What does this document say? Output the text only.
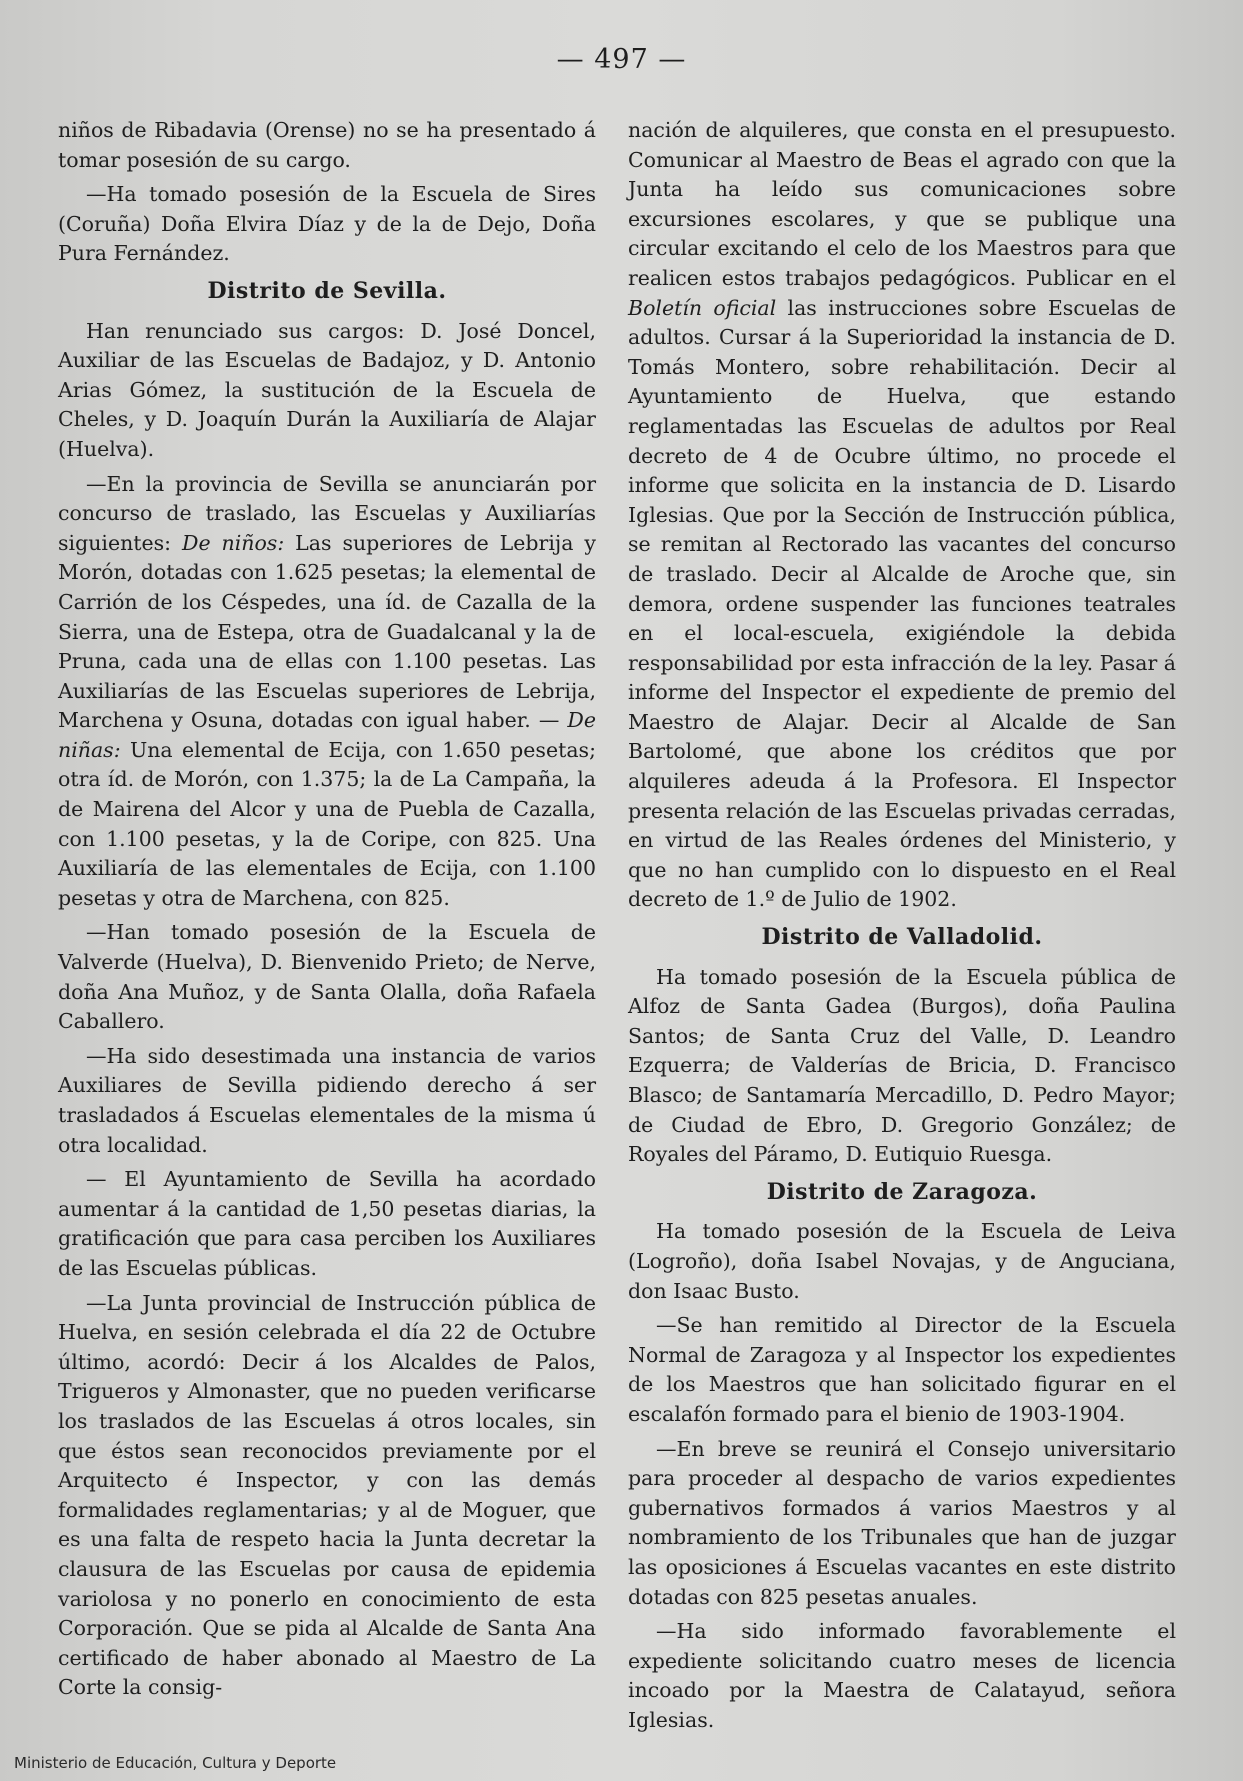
— 497 —

niños de Ribadavia (Orense) no se ha presentado á tomar posesión de su cargo.

—Ha tomado posesión de la Escuela de Sires (Coruña) Doña Elvira Díaz y de la de Dejo, Doña Pura Fernández.

Distrito de Sevilla.

Han renunciado sus cargos: D. José Doncel, Auxiliar de las Escuelas de Badajoz, y D. Antonio Arias Gómez, la sustitución de la Escuela de Cheles, y D. Joaquín Durán la Auxiliaría de Alajar (Huelva).

—En la provincia de Sevilla se anunciarán por concurso de traslado, las Escuelas y Auxiliarías siguientes: De niños: Las superiores de Lebrija y Morón, dotadas con 1.625 pesetas; la elemental de Carrión de los Céspedes, una íd. de Cazalla de la Sierra, una de Estepa, otra de Guadalcanal y la de Pruna, cada una de ellas con 1.100 pesetas. Las Auxiliarías de las Escuelas superiores de Lebrija, Marchena y Osuna, dotadas con igual haber. — De niñas: Una elemental de Ecija, con 1.650 pesetas; otra íd. de Morón, con 1.375; la de La Campaña, la de Mairena del Alcor y una de Puebla de Cazalla, con 1.100 pesetas, y la de Coripe, con 825. Una Auxiliaría de las elementales de Ecija, con 1.100 pesetas y otra de Marchena, con 825.

—Han tomado posesión de la Escuela de Valverde (Huelva), D. Bienvenido Prieto; de Nerve, doña Ana Muñoz, y de Santa Olalla, doña Rafaela Caballero.

—Ha sido desestimada una instancia de varios Auxiliares de Sevilla pidiendo derecho á ser trasladados á Escuelas elementales de la misma ú otra localidad.

— El Ayuntamiento de Sevilla ha acordado aumentar á la cantidad de 1,50 pesetas diarias, la gratificación que para casa perciben los Auxiliares de las Escuelas públicas.

—La Junta provincial de Instrucción pública de Huelva, en sesión celebrada el día 22 de Octubre último, acordó: Decir á los Alcaldes de Palos, Trigueros y Almonaster, que no pueden verificarse los traslados de las Escuelas á otros locales, sin que éstos sean reconocidos previamente por el Arquitecto é Inspector, y con las demás formalidades reglamentarias; y al de Moguer, que es una falta de respeto hacia la Junta decretar la clausura de las Escuelas por causa de epidemia variolosa y no ponerlo en conocimiento de esta Corporación. Que se pida al Alcalde de Santa Ana certificado de haber abonado al Maestro de La Corte la consig-

nación de alquileres, que consta en el presupuesto. Comunicar al Maestro de Beas el agrado con que la Junta ha leído sus comunicaciones sobre excursiones escolares, y que se publique una circular excitando el celo de los Maestros para que realicen estos trabajos pedagógicos. Publicar en el Boletín oficial las instrucciones sobre Escuelas de adultos. Cursar á la Superioridad la instancia de D. Tomás Montero, sobre rehabilitación. Decir al Ayuntamiento de Huelva, que estando reglamentadas las Escuelas de adultos por Real decreto de 4 de Ocubre último, no procede el informe que solicita en la instancia de D. Lisardo Iglesias. Que por la Sección de Instrucción pública, se remitan al Rectorado las vacantes del concurso de traslado. Decir al Alcalde de Aroche que, sin demora, ordene suspender las funciones teatrales en el local-escuela, exigiéndole la debida responsabilidad por esta infracción de la ley. Pasar á informe del Inspector el expediente de premio del Maestro de Alajar. Decir al Alcalde de San Bartolomé, que abone los créditos que por alquileres adeuda á la Profesora. El Inspector presenta relación de las Escuelas privadas cerradas, en virtud de las Reales órdenes del Ministerio, y que no han cumplido con lo dispuesto en el Real decreto de 1.º de Julio de 1902.

Distrito de Valladolid.

Ha tomado posesión de la Escuela pública de Alfoz de Santa Gadea (Burgos), doña Paulina Santos; de Santa Cruz del Valle, D. Leandro Ezquerra; de Valderías de Bricia, D. Francisco Blasco; de Santamaría Mercadillo, D. Pedro Mayor; de Ciudad de Ebro, D. Gregorio González; de Royales del Páramo, D. Eutiquio Ruesga.

Distrito de Zaragoza.

Ha tomado posesión de la Escuela de Leiva (Logroño), doña Isabel Novajas, y de Anguciana, don Isaac Busto.

—Se han remitido al Director de la Escuela Normal de Zaragoza y al Inspector los expedientes de los Maestros que han solicitado figurar en el escalafón formado para el bienio de 1903-1904.

—En breve se reunirá el Consejo universitario para proceder al despacho de varios expedientes gubernativos formados á varios Maestros y al nombramiento de los Tribunales que han de juzgar las oposiciones á Escuelas vacantes en este distrito dotadas con 825 pesetas anuales.

—Ha sido informado favorablemente el expediente solicitando cuatro meses de licencia incoado por la Maestra de Calatayud, señora Iglesias.

Ministerio de Educación, Cultura y Deporte
